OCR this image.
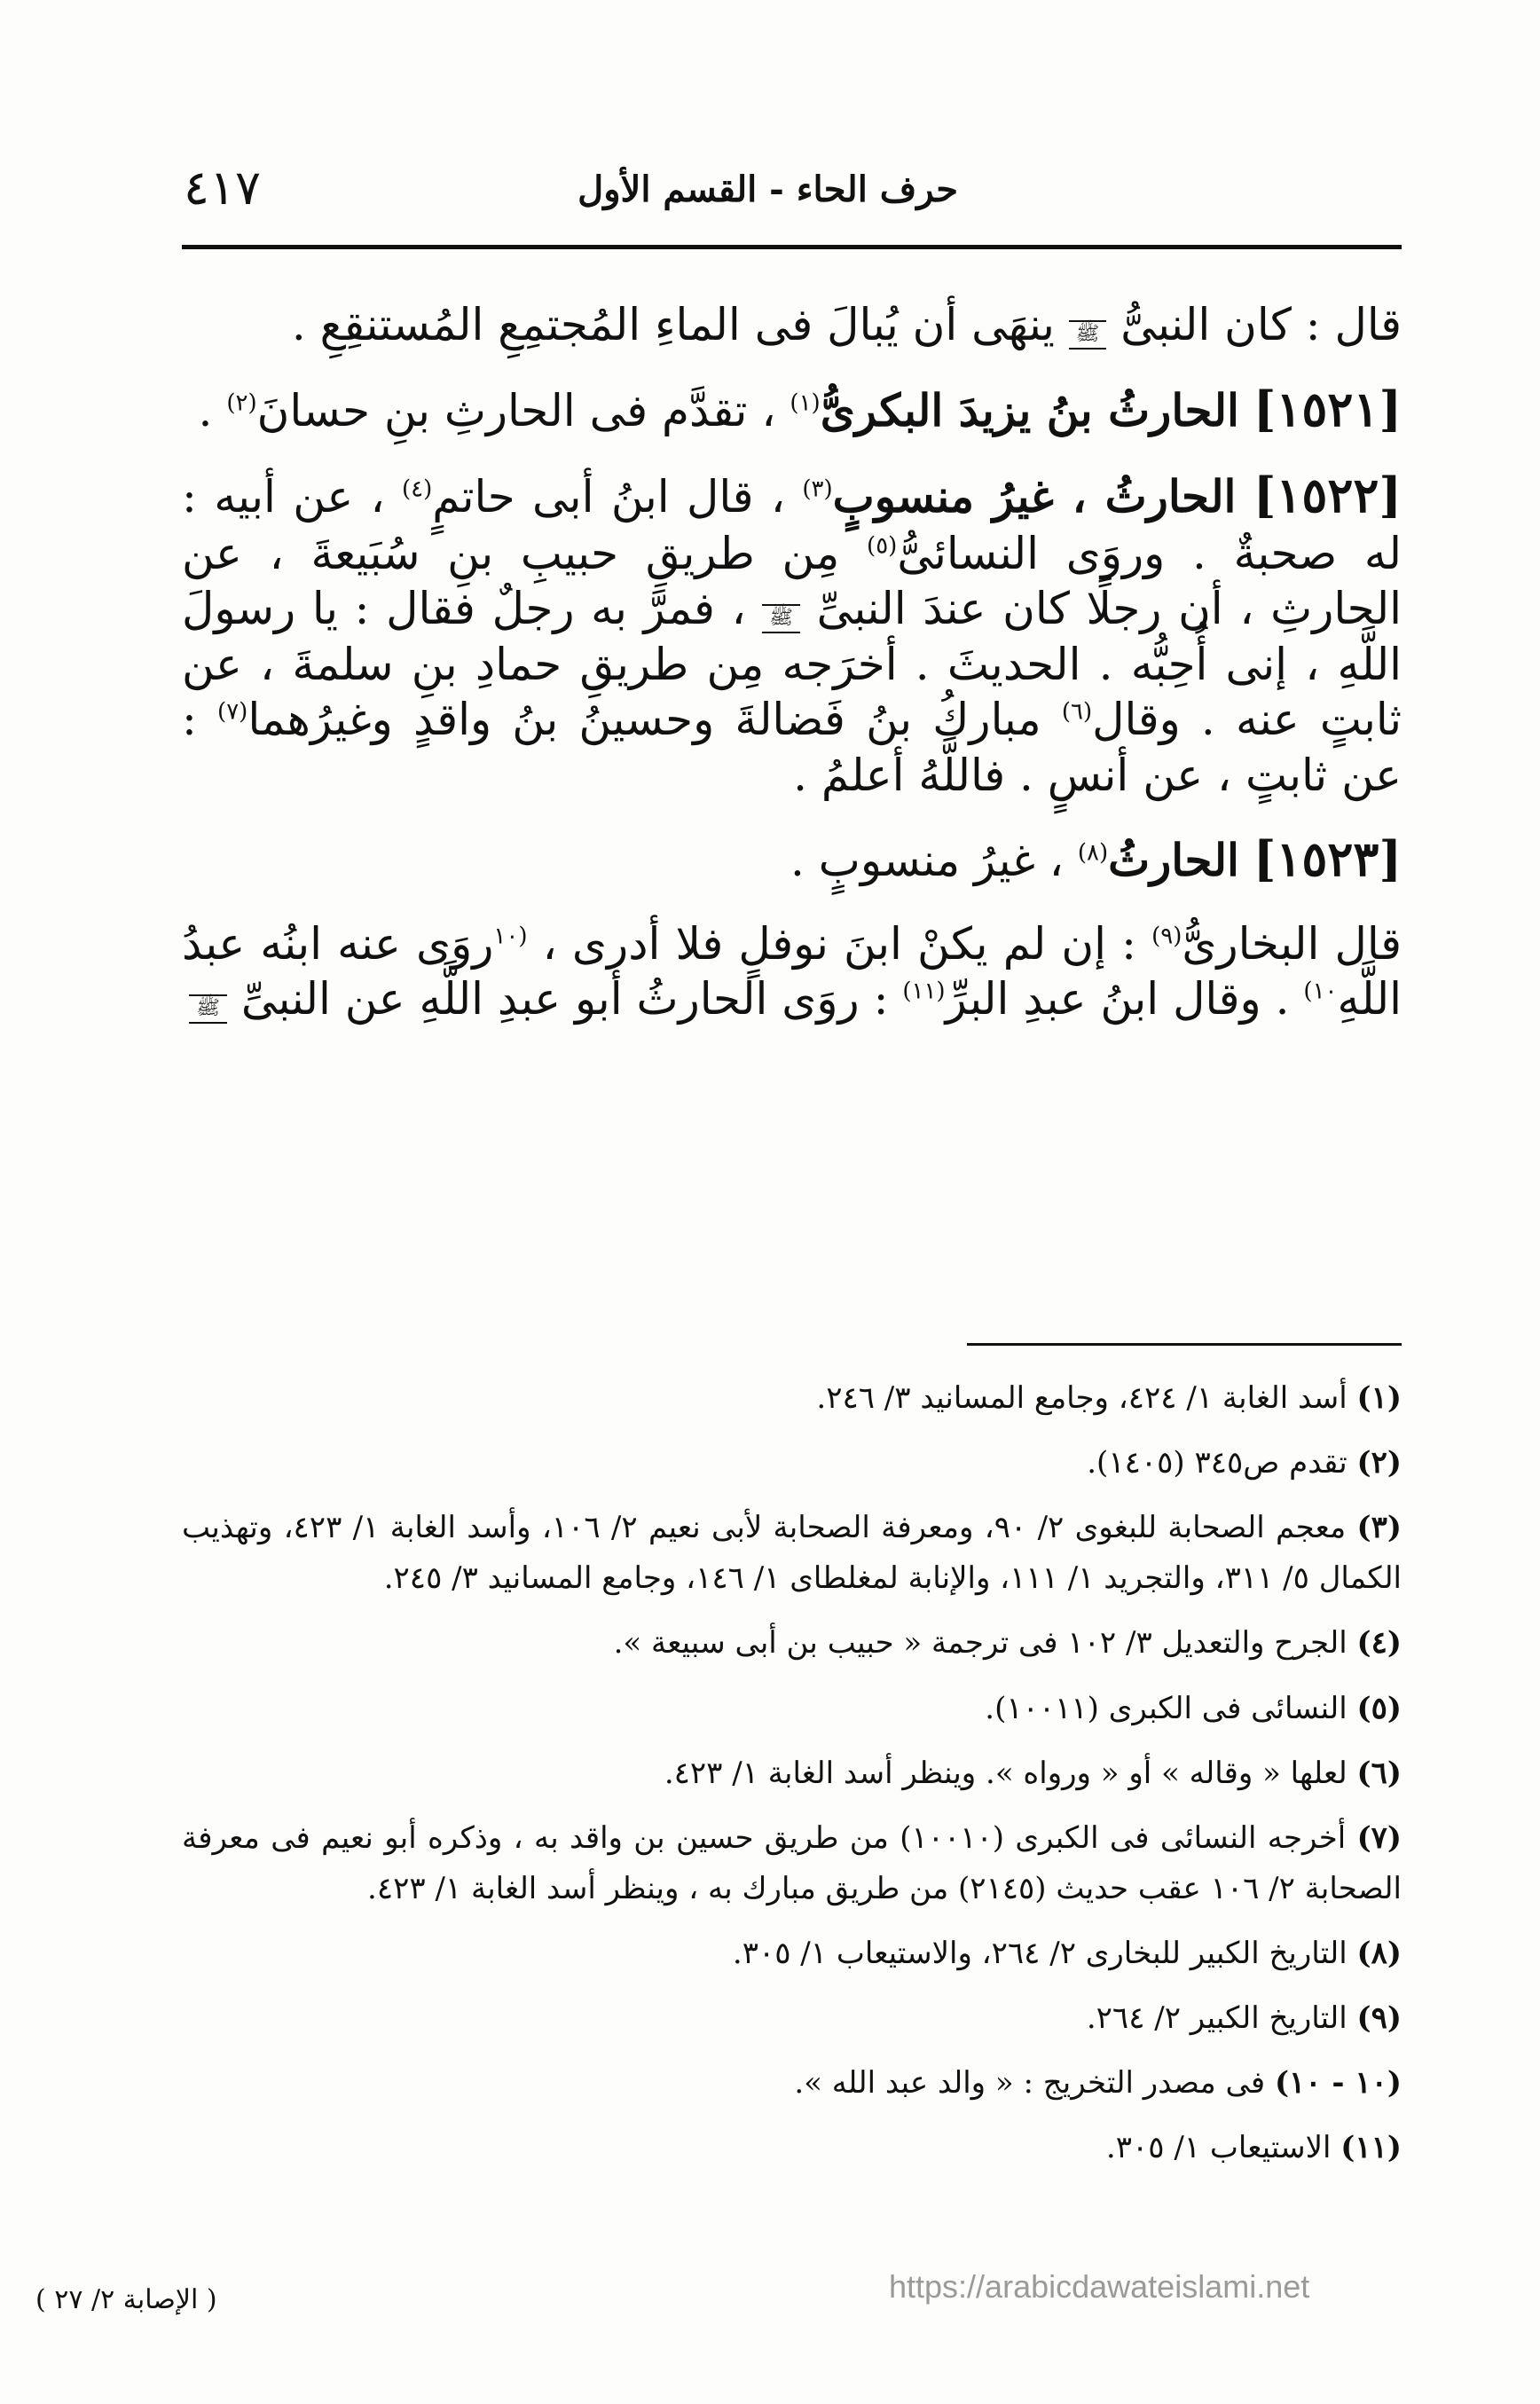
حرف الحاء - القسم الأول
٤١٧

قال : كان النبىُّ ﷺ ينهَى أن يُبالَ فى الماءِ المُجتمِعِ المُستنقِعِ .

[١٥٢١] الحارثُ بنُ يزيدَ البكرىُّ$^{(١)}$ ، تقدَّم فى الحارثِ بنِ حسانَ$^{(٢)}$ .

[١٥٢٢] الحارثُ ، غيرُ منسوبٍ$^{(٣)}$ ، قال ابنُ أبى حاتمٍ$^{(٤)}$ ، عن أبيه : له صحبةٌ . وروَى النسائىُّ$^{(٥)}$ مِن طريقِ حبيبِ بنِ سُبَيعةَ ، عن الحارثِ ، أن رجلًا كان عندَ النبىِّ ﷺ ، فمرَّ به رجلٌ فقال : يا رسولَ اللَّهِ ، إنى أُحِبُّه . الحديثَ . أخرَجه مِن طريقِ حمادِ بنِ سلمةَ ، عن ثابتٍ عنه . وقال$^{(٦)}$ مباركُ بنُ فَضالةَ وحسينُ بنُ واقدٍ وغيرُهما$^{(٧)}$ : عن ثابتٍ ، عن أنسٍ . فاللَّهُ أعلمُ .

[١٥٢٣] الحارثُ$^{(٨)}$ ، غيرُ منسوبٍ .

قال البخارىُّ$^{(٩)}$ : إن لم يكنْ ابنَ نوفلٍ فلا أدرى ، $^{(١٠}$روَى عنه ابنُه عبدُ اللَّهِ$^{١٠)}$ . وقال ابنُ عبدِ البرِّ$^{(١١)}$ : روَى الحارثُ أبو عبدِ اللَّهِ عن النبىِّ ﷺ

(١) أسد الغابة ١/ ٤٢٤، وجامع المسانيد ٣/ ٢٤٦.

(٢) تقدم ص٣٤٥ (١٤٠٥).

(٣) معجم الصحابة للبغوى ٢/ ٩٠، ومعرفة الصحابة لأبى نعيم ٢/ ١٠٦، وأسد الغابة ١/ ٤٢٣، وتهذيب الكمال ٥/ ٣١١، والتجريد ١/ ١١١، والإنابة لمغلطاى ١/ ١٤٦، وجامع المسانيد ٣/ ٢٤٥.

(٤) الجرح والتعديل ٣/ ١٠٢ فى ترجمة « حبيب بن أبى سبيعة ».

(٥) النسائى فى الكبرى (١٠٠١١).

(٦) لعلها « وقاله » أو « ورواه ». وينظر أسد الغابة ١/ ٤٢٣.

(٧) أخرجه النسائى فى الكبرى (١٠٠١٠) من طريق حسين بن واقد به ، وذكره أبو نعيم فى معرفة الصحابة ٢/ ١٠٦ عقب حديث (٢١٤٥) من طريق مبارك به ، وينظر أسد الغابة ١/ ٤٢٣.

(٨) التاريخ الكبير للبخارى ٢/ ٢٦٤، والاستيعاب ١/ ٣٠٥.

(٩) التاريخ الكبير ٢/ ٢٦٤.

(١٠ - ١٠) فى مصدر التخريج : « والد عبد الله ».

(١١) الاستيعاب ١/ ٣٠٥.

( الإصابة ٢/ ٢٧ )	https://arabicdawateislami.net
